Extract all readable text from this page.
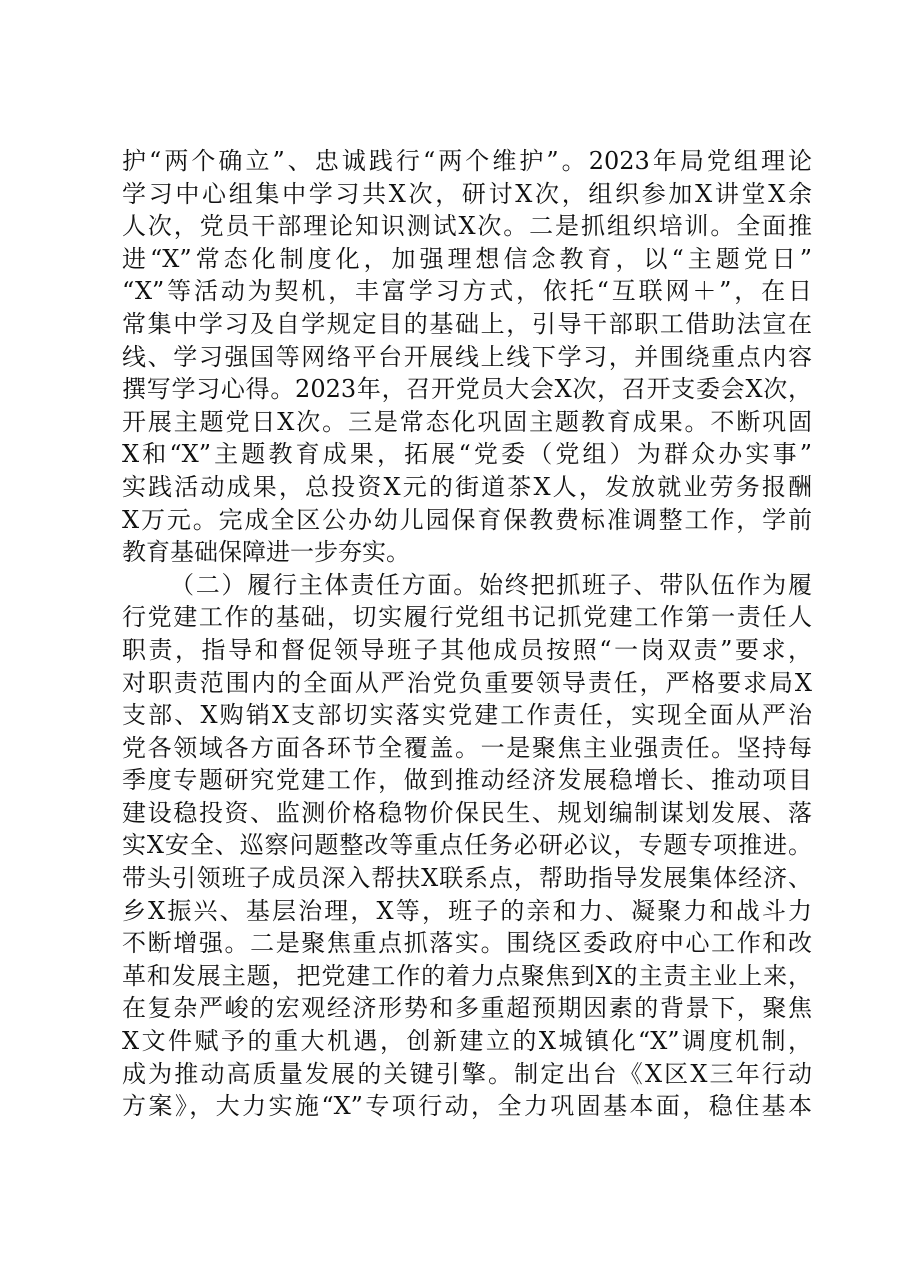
护“两个确立”、忠诚践行“两个维护”。2023年局党组理论
学习中心组集中学习共X次，研讨X次，组织参加X讲堂X余
人次，党员干部理论知识测试X次。二是抓组织培训。全面推
进“X”常态化制度化，加强理想信念教育，以“主题党日”
“X”等活动为契机，丰富学习方式，依托“互联网＋”，在日
常集中学习及自学规定目的基础上，引导干部职工借助法宣在
线、学习强国等网络平台开展线上线下学习，并围绕重点内容
撰写学习心得。2023年，召开党员大会X次，召开支委会X次，
开展主题党日X次。三是常态化巩固主题教育成果。不断巩固
X和“X”主题教育成果，拓展“党委（党组）为群众办实事”
实践活动成果，总投资X元的街道茶X人，发放就业劳务报酬
X万元。完成全区公办幼儿园保育保教费标准调整工作，学前
教育基础保障进一步夯实。
（二）履行主体责任方面。始终把抓班子、带队伍作为履
行党建工作的基础，切实履行党组书记抓党建工作第一责任人
职责，指导和督促领导班子其他成员按照“一岗双责”要求，
对职责范围内的全面从严治党负重要领导责任，严格要求局X
支部、X购销X支部切实落实党建工作责任，实现全面从严治
党各领域各方面各环节全覆盖。一是聚焦主业强责任。坚持每
季度专题研究党建工作，做到推动经济发展稳增长、推动项目
建设稳投资、监测价格稳物价保民生、规划编制谋划发展、落
实X安全、巡察问题整改等重点任务必研必议，专题专项推进。
带头引领班子成员深入帮扶X联系点，帮助指导发展集体经济、
乡X振兴、基层治理，X等，班子的亲和力、凝聚力和战斗力
不断增强。二是聚焦重点抓落实。围绕区委政府中心工作和改
革和发展主题，把党建工作的着力点聚焦到X的主责主业上来，
在复杂严峻的宏观经济形势和多重超预期因素的背景下，聚焦
X文件赋予的重大机遇，创新建立的X城镇化“X”调度机制，
成为推动高质量发展的关键引擎。制定出台《X区X三年行动
方案》，大力实施“X”专项行动，全力巩固基本面，稳住基本
